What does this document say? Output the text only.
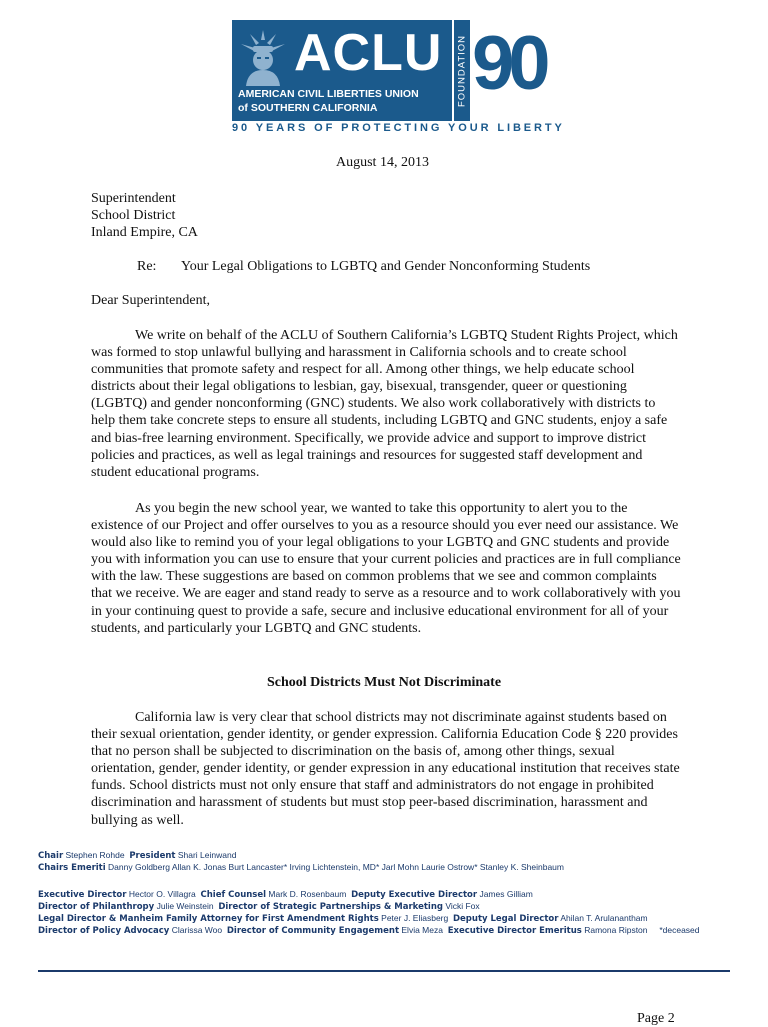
ACLU
AMERICAN CIVIL LIBERTIES UNION
of SOUTHERN CALIFORNIA
FOUNDATION 90
90 YEARS OF PROTECTING YOUR LIBERTY
August 14, 2013
Superintendent
School District
Inland Empire, CA
Re: Your Legal Obligations to LGBTQ and Gender Nonconforming Students
Dear Superintendent,
We write on behalf of the ACLU of Southern California’s LGBTQ Student Rights Project, which was formed to stop unlawful bullying and harassment in California schools and to create school communities that promote safety and respect for all. Among other things, we help educate school districts about their legal obligations to lesbian, gay, bisexual, transgender, queer or questioning (LGBTQ) and gender nonconforming (GNC) students. We also work collaboratively with districts to help them take concrete steps to ensure all students, including LGBTQ and GNC students, enjoy a safe and bias-free learning environment. Specifically, we provide advice and support to improve district policies and practices, as well as legal trainings and resources for suggested staff development and student educational programs.
As you begin the new school year, we wanted to take this opportunity to alert you to the existence of our Project and offer ourselves to you as a resource should you ever need our assistance. We would also like to remind you of your legal obligations to your LGBTQ and GNC students and provide you with information you can use to ensure that your current policies and practices are in full compliance with the law. These suggestions are based on common problems that we see and common complaints that we receive. We are eager and stand ready to serve as a resource and to work collaboratively with you in your continuing quest to provide a safe, secure and inclusive educational environment for all of your students, and particularly your LGBTQ and GNC students.
School Districts Must Not Discriminate
California law is very clear that school districts may not discriminate against students based on their sexual orientation, gender identity, or gender expression. California Education Code § 220 provides that no person shall be subjected to discrimination on the basis of, among other things, sexual orientation, gender, gender identity, or gender expression in any educational institution that receives state funds. School districts must not only ensure that staff and administrators do not engage in prohibited discrimination and harassment of students but must stop peer-based discrimination, harassment and bullying as well.
Chair Stephen Rohde President Shari Leinwand
Chairs Emeriti Danny Goldberg Allan K. Jonas Burt Lancaster* Irving Lichtenstein, MD* Jarl Mohn Laurie Ostrow* Stanley K. Sheinbaum
Executive Director Hector O. Villagra Chief Counsel Mark D. Rosenbaum Deputy Executive Director James Gilliam
Director of Philanthropy Julie Weinstein Director of Strategic Partnerships & Marketing Vicki Fox
Legal Director & Manheim Family Attorney for First Amendment Rights Peter J. Eliasberg Deputy Legal Director Ahilan T. Arulanantham
Director of Policy Advocacy Clarissa Woo Director of Community Engagement Elvia Meza Executive Director Emeritus Ramona Ripston *deceased
Page 2
